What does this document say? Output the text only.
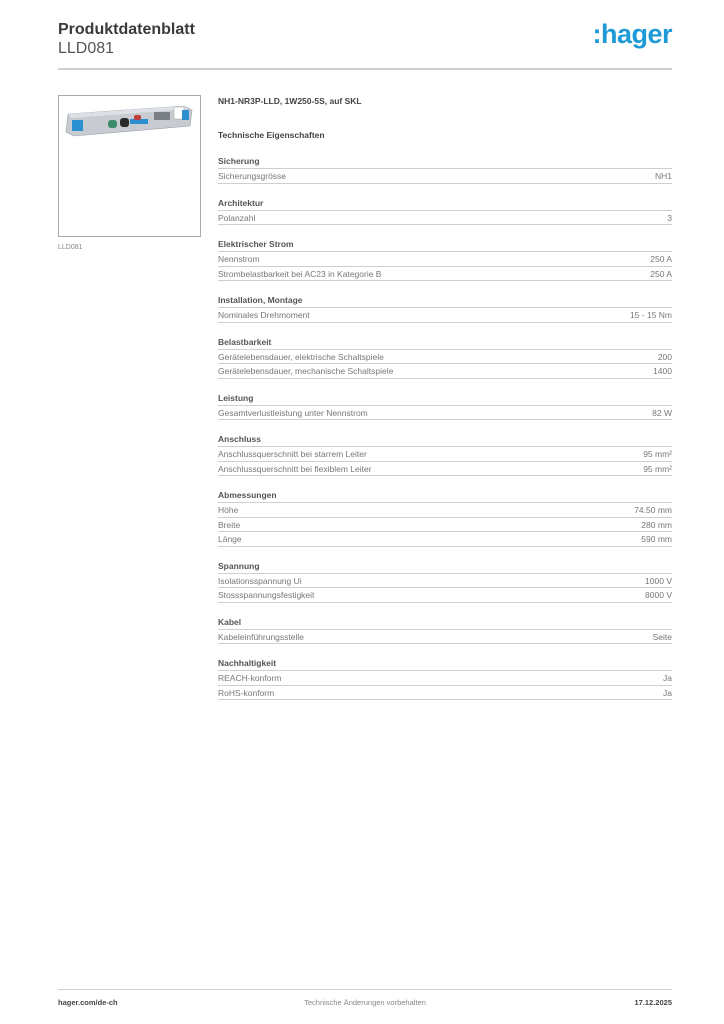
Produktdatenblatt
LLD081	:hager
LLD081
NH1-NR3P-LLD, 1W250-5S, auf SKL
Technische Eigenschaften
Sicherung
Sicherungsgrösse	NH1
Architektur
Polanzahl	3
Elektrischer Strom
Nennstrom	250 A
Strombelastbarkeit bei AC23 in Kategorie B	250 A
Installation, Montage
Nominales Drehmoment	15 - 15 Nm
Belastbarkeit
Gerätelebensdauer, elektrische Schaltspiele	200
Gerätelebensdauer, mechanische Schaltspiele	1400
Leistung
Gesamtverlustleistung unter Nennstrom	82 W
Anschluss
Anschlussquerschnitt bei starrem Leiter	95 mm²
Anschlussquerschnitt bei flexiblem Leiter	95 mm²
Abmessungen
Höhe	74.50 mm
Breite	280 mm
Länge	590 mm
Spannung
Isolationsspannung Ui	1000 V
Stossspannungsfestigkeit	8000 V
Kabel
Kabeleinführungsstelle	Seite
Nachhaltigkeit
REACH-konform	Ja
RoHS-konform	Ja
hager.com/de-ch	Technische Änderungen vorbehalten	17.12.2025
